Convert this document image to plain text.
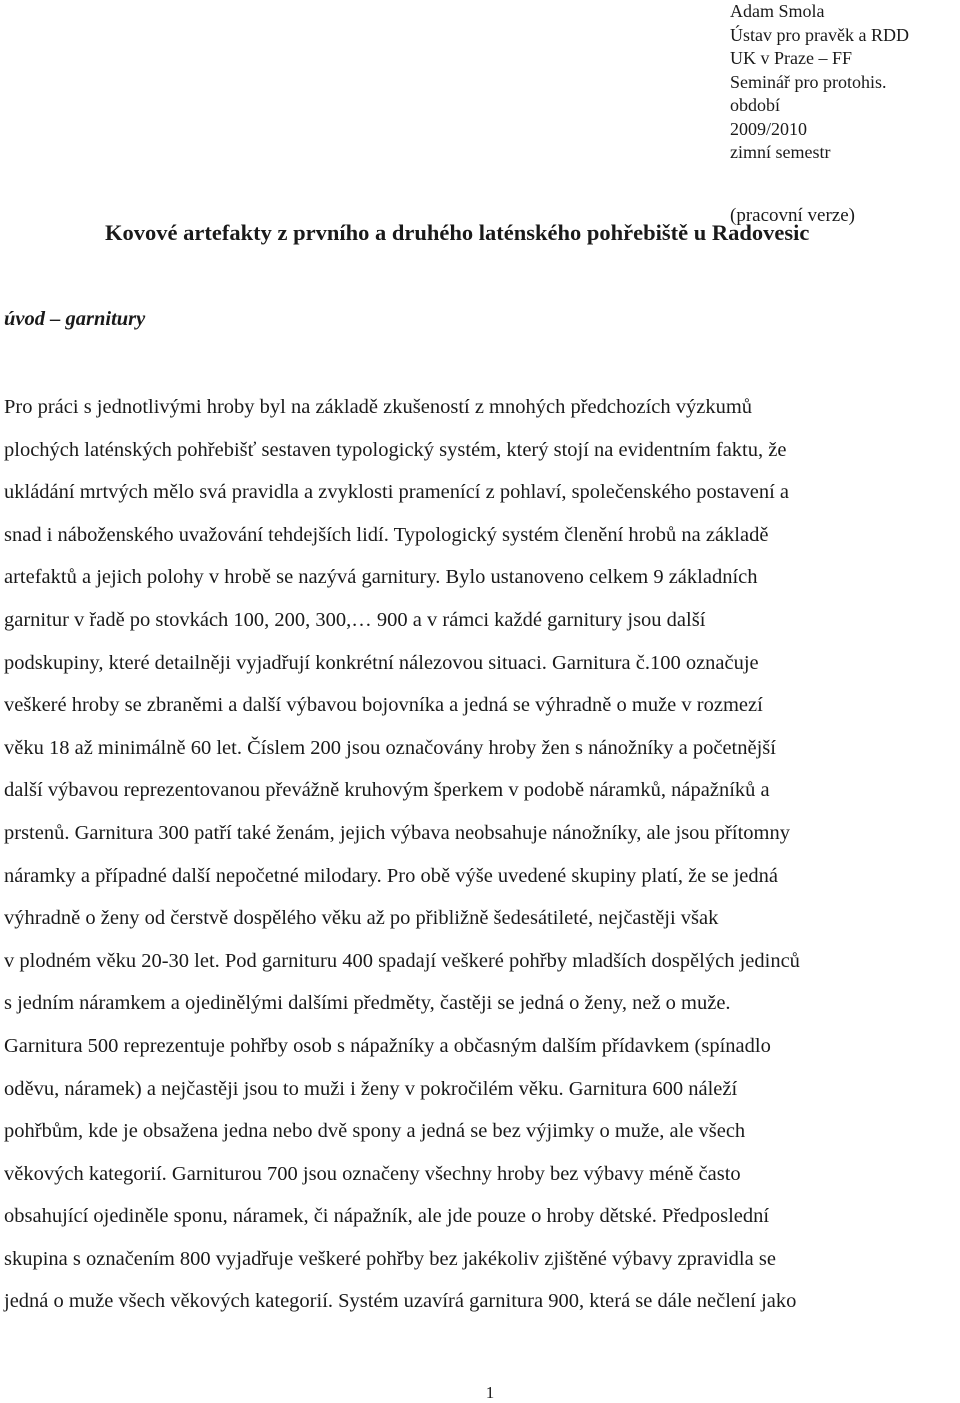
Adam Smola
Ústav pro pravěk a RDD
UK v Praze – FF
Seminář pro protohis.
období
2009/2010
zimní semestr
(pracovní verze)
Kovové artefakty z prvního a druhého laténského pohřebiště u Radovesic
úvod – garnitury
Pro práci s jednotlivými hroby byl na základě zkušeností z mnohých předchozích výzkumů
plochých laténských pohřebišť sestaven typologický systém, který stojí na evidentním faktu, že
ukládání mrtvých mělo svá pravidla a zvyklosti pramenící z pohlaví, společenského postavení a
snad i náboženského uvažování tehdejších lidí. Typologický systém členění hrobů na základě
artefaktů a jejich polohy v hrobě se nazývá garnitury. Bylo ustanoveno celkem 9 základních
garnitur v řadě po stovkách 100, 200, 300,… 900 a v rámci každé garnitury jsou další
podskupiny, které detailněji vyjadřují konkrétní nálezovou situaci. Garnitura č.100 označuje
veškeré hroby se zbraněmi a další výbavou bojovníka a jedná se výhradně o muže v rozmezí
věku 18 až minimálně 60 let. Číslem 200 jsou označovány hroby žen s nánožníky a početnější
další výbavou reprezentovanou převážně kruhovým šperkem v podobě náramků, nápažníků a
prstenů. Garnitura 300 patří také ženám, jejich výbava neobsahuje nánožníky, ale jsou přítomny
náramky a případné další nepočetné milodary. Pro obě výše uvedené skupiny platí, že se jedná
výhradně o ženy od čerstvě dospělého věku až po přibližně šedesátileté, nejčastěji však
v plodném věku 20-30 let. Pod garnituru 400 spadají veškeré pohřby mladších dospělých jedinců
s jedním náramkem a ojedinělými dalšími předměty, častěji se jedná o ženy, než o muže.
Garnitura 500 reprezentuje pohřby osob s nápažníky a občasným dalším přídavkem (spínadlo
oděvu, náramek) a nejčastěji jsou to muži i ženy v pokročilém věku. Garnitura 600 náleží
pohřbům, kde je obsažena jedna nebo dvě spony a jedná se bez výjimky o muže, ale všech
věkových kategorií. Garniturou 700 jsou označeny všechny hroby bez výbavy méně často
obsahující ojediněle sponu, náramek, či nápažník, ale jde pouze o hroby dětské. Předposlední
skupina s označením 800 vyjadřuje veškeré pohřby bez jakékoliv zjištěné výbavy zpravidla se
jedná o muže všech věkových kategorií. Systém uzavírá garnitura 900, která se dále nečlení jako
1
